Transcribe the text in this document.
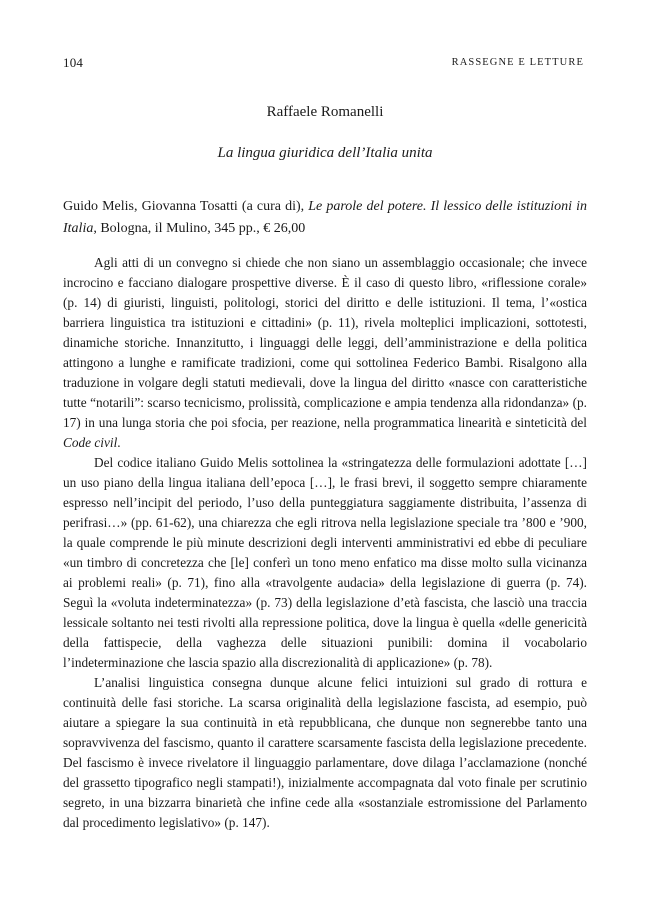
104	RASSEGNE E LETTURE
Raffaele Romanelli
La lingua giuridica dell’Italia unita
Guido Melis, Giovanna Tosatti (a cura di), Le parole del potere. Il lessico delle istituzioni in Italia, Bologna, il Mulino, 345 pp., € 26,00

Agli atti di un convegno si chiede che non siano un assemblaggio occasionale; che invece incrocino e facciano dialogare prospettive diverse. È il caso di questo libro, «riflessione corale» (p. 14) di giuristi, linguisti, politologi, storici del diritto e delle istituzioni. Il tema, l’«ostica barriera linguistica tra istituzioni e cittadini» (p. 11), rivela molteplici implicazioni, sottotesti, dinamiche storiche. Innanzitutto, i linguaggi delle leggi, dell’amministrazione e della politica attingono a lunghe e ramificate tradizioni, come qui sottolinea Federico Bambi. Risalgono alla traduzione in volgare degli statuti medievali, dove la lingua del diritto «nasce con caratteristiche tutte “notarili”: scarso tecnicismo, prolissità, complicazione e ampia tendenza alla ridondanza» (p. 17) in una lunga storia che poi sfocia, per reazione, nella programmatica linearità e sinteticità del Code civil.

Del codice italiano Guido Melis sottolinea la «stringatezza delle formulazioni adottate […] un uso piano della lingua italiana dell’epoca […], le frasi brevi, il soggetto sempre chiaramente espresso nell’incipit del periodo, l’uso della punteggiatura saggiamente distribuita, l’assenza di perifrasi…» (pp. 61-62), una chiarezza che egli ritrova nella legislazione speciale tra ’800 e ’900, la quale comprende le più minute descrizioni degli interventi amministrativi ed ebbe di peculiare «un timbro di concretezza che [le] conferì un tono meno enfatico ma disse molto sulla vicinanza ai problemi reali» (p. 71), fino alla «travolgente audacia» della legislazione di guerra (p. 74). Seguì la «voluta indeterminatezza» (p. 73) della legislazione d’età fascista, che lasciò una traccia lessicale soltanto nei testi rivolti alla repressione politica, dove la lingua è quella «delle genericità della fattispecie, della vaghezza delle situazioni punibili: domina il vocabolario l’indeterminazione che lascia spazio alla discrezionalità di applicazione» (p. 78).

L’analisi linguistica consegna dunque alcune felici intuizioni sul grado di rottura e continuità delle fasi storiche. La scarsa originalità della legislazione fascista, ad esempio, può aiutare a spiegare la sua continuità in età repubblicana, che dunque non segnerebbe tanto una sopravvivenza del fascismo, quanto il carattere scarsamente fascista della legislazione precedente. Del fascismo è invece rivelatore il linguaggio parlamentare, dove dilaga l’acclamazione (nonché del grassetto tipografico negli stampati!), inizialmente accompagnata dal voto finale per scrutinio segreto, in una bizzarra binarietà che infine cede alla «sostanziale estromissione del Parlamento dal procedimento legislativo» (p. 147).
